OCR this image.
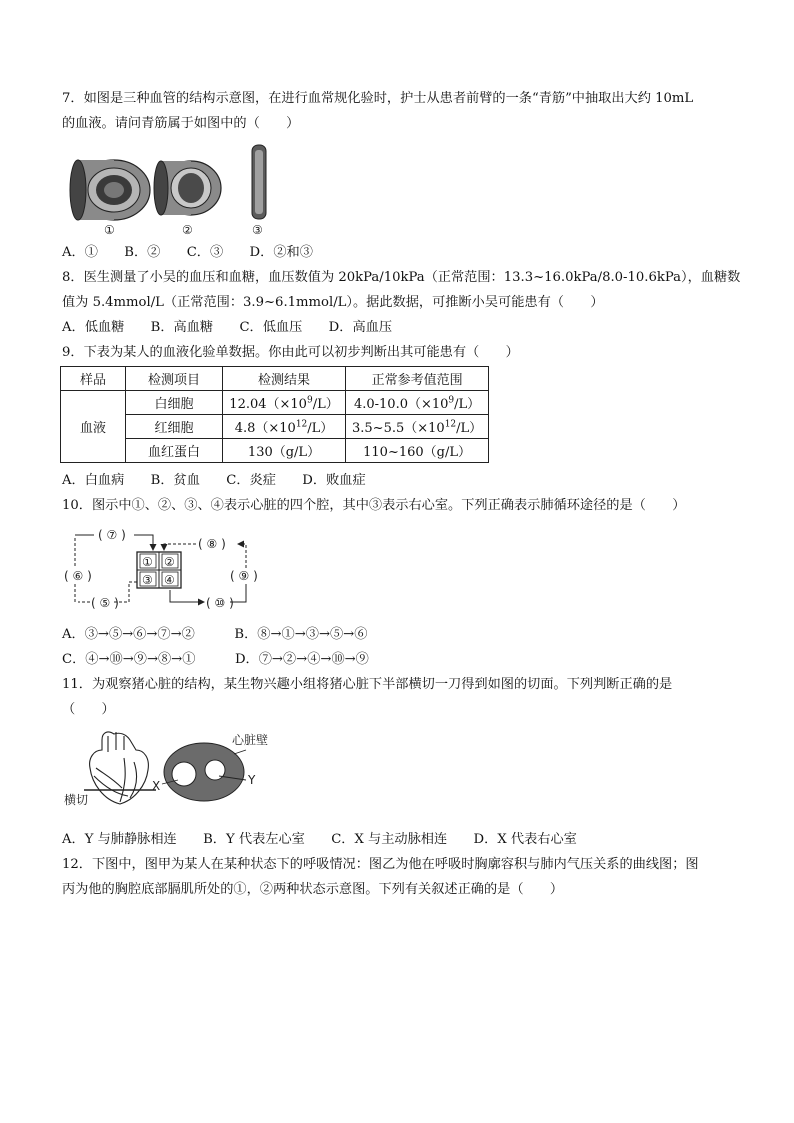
7．如图是三种血管的结构示意图，在进行血常规化验时，护士从患者前臂的一条“青筋”中抽取出大约 10mL
的血液。请问青筋属于如图中的（　　）
①	②	③
A．①　　B．②　　C．③　　D．②和③
8．医生测量了小吴的血压和血糖，血压数值为 20kPa/10kPa（正常范围：13.3~16.0kPa/8.0-10.6kPa），血糖数
值为 5.4mmol/L（正常范围：3.9~6.1mmol/L）。据此数据，可推断小吴可能患有（　　）
A．低血糖　　B．高血糖　　C．低血压　　D．高血压
9．下表为某人的血液化验单数据。你由此可以初步判断出其可能患有（　　）
样品	检测项目	检测结果	正常参考值范围
血液	白细胞	$12.04(\times 10^9/L)$	$4.0-10.0(\times 10^9/L)$
	红细胞	$4.8(\times 10^{12}/L)$	$3.5\sim 5.5(\times 10^{12}/L)$
	血红蛋白	130（g/L）	110~160（g/L）
A．白血病　　B．贫血　　C．炎症　　D．败血症
10．图示中①、②、③、④表示心脏的四个腔，其中③表示右心室。下列正确表示肺循环途径的是（　　）
① ②
③ ④
( ⑦ )
( ⑧ )
( ⑥ )	( ⑨ )
( ⑤ )	( ⑩ )
A．③→⑤→⑥→⑦→②　　　B．⑧→①→③→⑤→⑥
C．④→⑩→⑨→⑧→①　　　D．⑦→②→④→⑩→⑨
11．为观察猪心脏的结构，某生物兴趣小组将猪心脏下半部横切一刀得到如图的切面。下列判断正确的是
（　　）
横切
心脏壁
Y
X
A．Y 与肺静脉相连　　B．Y 代表左心室　　C．X 与主动脉相连　　D．X 代表右心室
12．下图中，图甲为某人在某种状态下的呼吸情况：图乙为他在呼吸时胸廓容积与肺内气压关系的曲线图；图
丙为他的胸腔底部膈肌所处的①，②两种状态示意图。下列有关叙述正确的是（　　）
